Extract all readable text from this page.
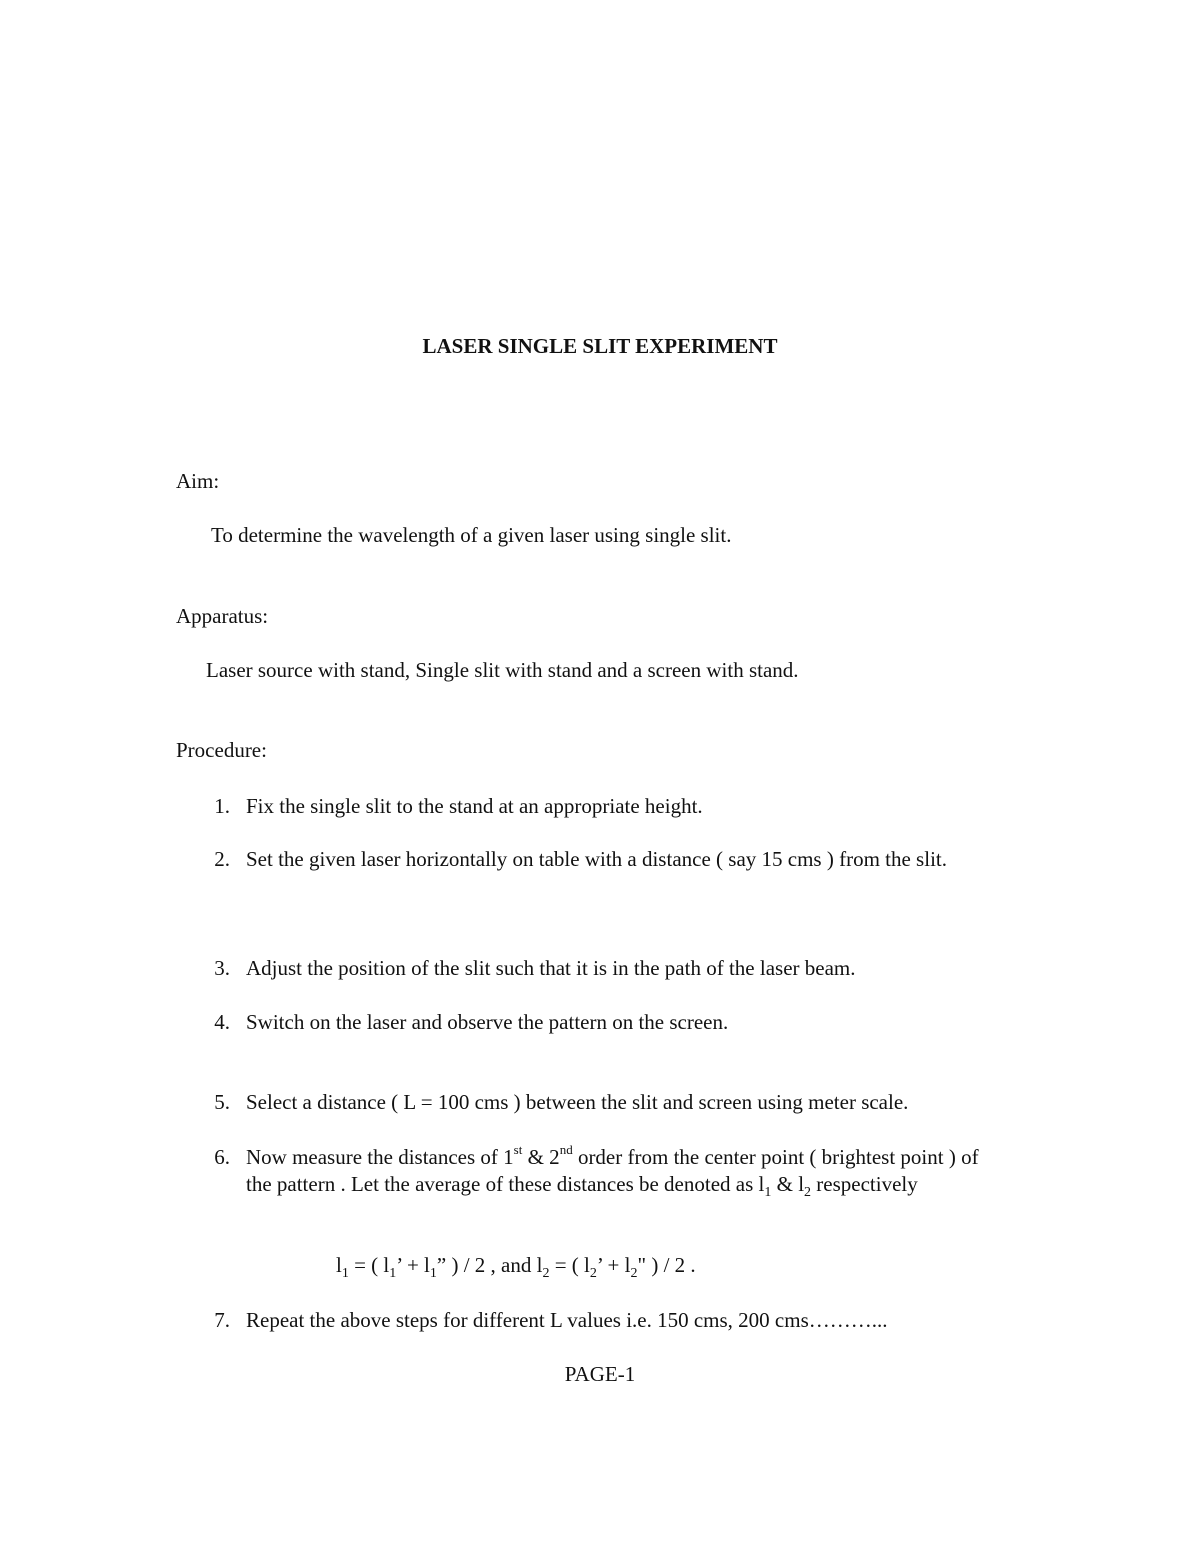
LASER SINGLE SLIT EXPERIMENT
Aim:
To determine the wavelength of a given laser using single slit.
Apparatus:
Laser source with stand, Single slit with stand and a screen with stand.
Procedure:
1. Fix the single slit to the stand at an appropriate height.
2. Set the given laser horizontally on table with a distance ( say 15 cms ) from the slit.
3. Adjust the position of the slit such that it is in the path of the laser beam.
4. Switch on the laser and observe the pattern on the screen.
5. Select a distance ( L = 100 cms ) between the slit and screen using meter scale.
6. Now measure the distances of 1st & 2nd order from the center point ( brightest point ) of the pattern . Let the average of these distances be denoted as $l_1$ & $l_2$ respectively
$l_1$ = ( $l_1$’ + $l_1$” ) / 2 , and $l_2$ = ( $l_2$’ + $l_2$" ) / 2 .
7. Repeat the above steps for different L values i.e. 150 cms, 200 cms………...
PAGE-1
